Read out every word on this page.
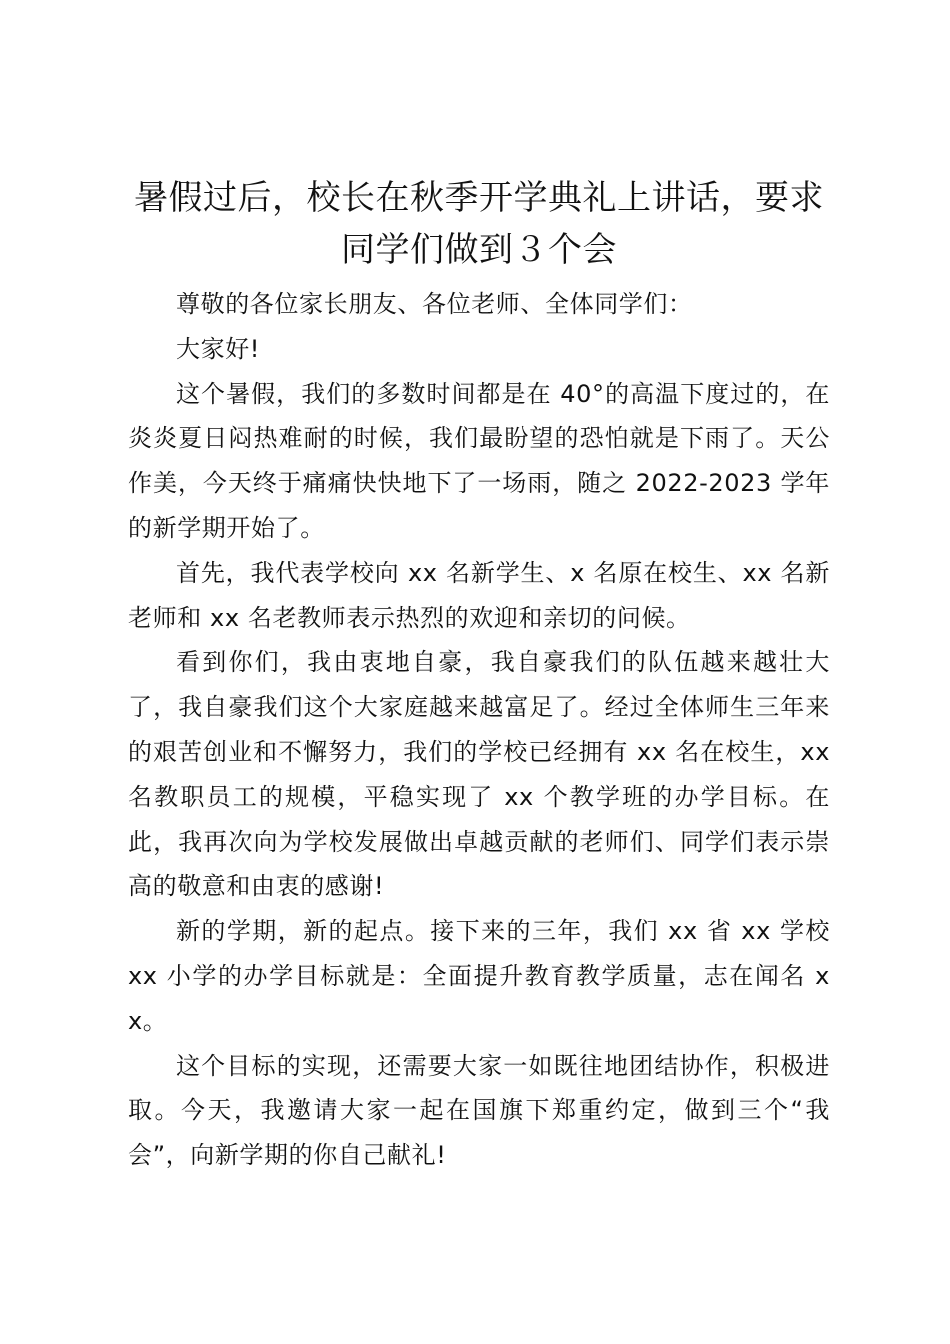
暑假过后，校长在秋季开学典礼上讲话，要求
同学们做到３个会

尊敬的各位家长朋友、各位老师、全体同学们：

大家好!

这个暑假，我们的多数时间都是在 40°的高温下度过的，在炎炎夏日闷热难耐的时候，我们最盼望的恐怕就是下雨了。天公作美，今天终于痛痛快快地下了一场雨，随之 2022-2023 学年的新学期开始了。

首先，我代表学校向 xx 名新学生、x 名原在校生、xx 名新老师和 xx 名老教师表示热烈的欢迎和亲切的问候。

看到你们，我由衷地自豪，我自豪我们的队伍越来越壮大了，我自豪我们这个大家庭越来越富足了。经过全体师生三年来的艰苦创业和不懈努力，我们的学校已经拥有 xx 名在校生，xx 名教职员工的规模，平稳实现了 xx 个教学班的办学目标。在此，我再次向为学校发展做出卓越贡献的老师们、同学们表示崇高的敬意和由衷的感谢!

新的学期，新的起点。接下来的三年，我们 xx 省 xx 学校 xx 小学的办学目标就是：全面提升教育教学质量，志在闻名 xx。

这个目标的实现，还需要大家一如既往地团结协作，积极进取。今天，我邀请大家一起在国旗下郑重约定，做到三个“我会”，向新学期的你自己献礼!
